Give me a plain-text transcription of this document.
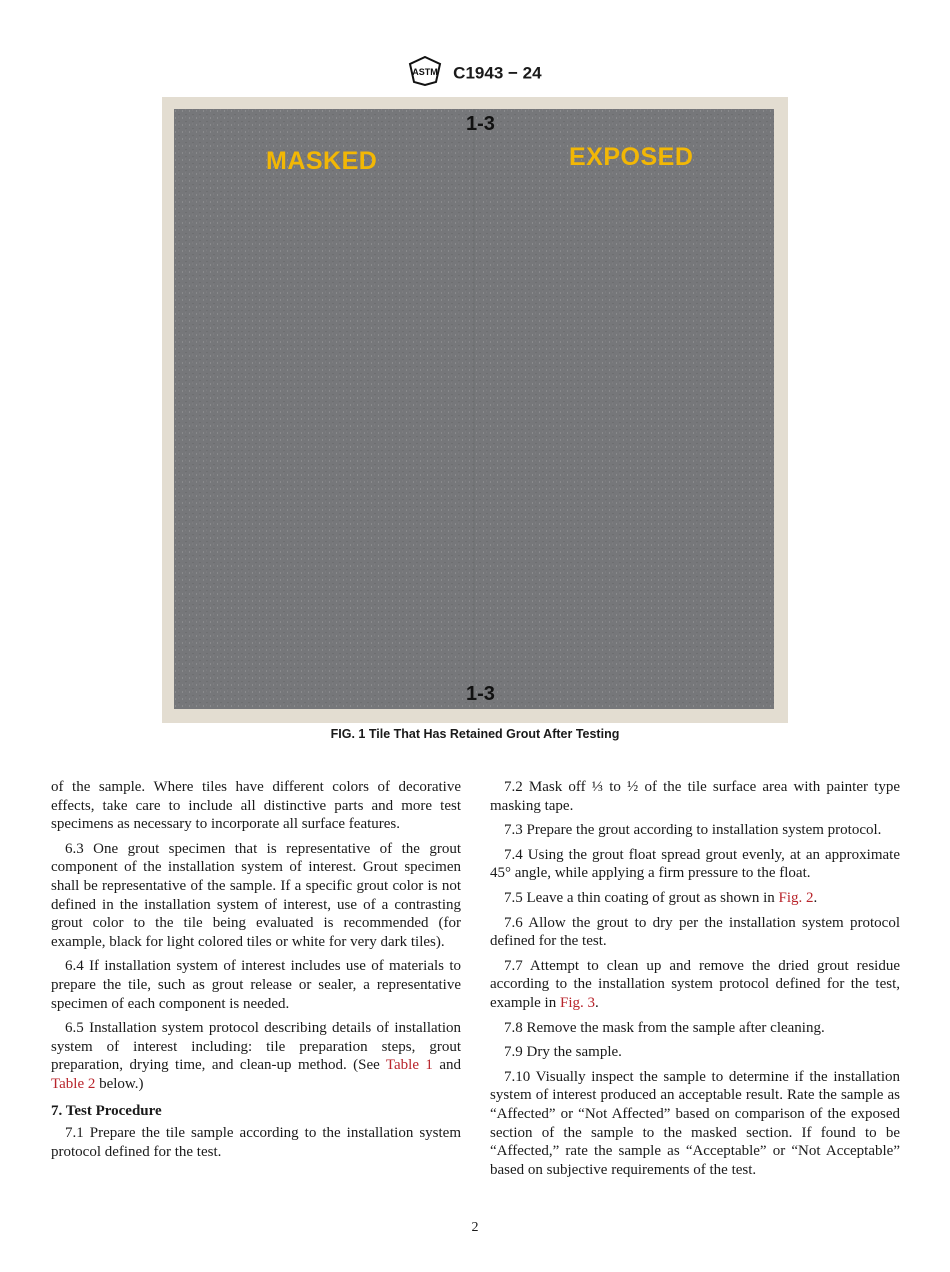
ASTM C1943 − 24
MASKED	EXPOSED
1-3
1-3
FIG. 1 Tile That Has Retained Grout After Testing

of the sample. Where tiles have different colors of decorative effects, take care to include all distinctive parts and more test specimens as necessary to incorporate all surface features.

6.3 One grout specimen that is representative of the grout component of the installation system of interest. Grout specimen shall be representative of the sample. If a specific grout color is not defined in the installation system of interest, use of a contrasting grout color to the tile being evaluated is recommended (for example, black for light colored tiles or white for very dark tiles).

6.4 If installation system of interest includes use of materials to prepare the tile, such as grout release or sealer, a representative specimen of each component is needed.

6.5 Installation system protocol describing details of installation system of interest including: tile preparation steps, grout preparation, drying time, and clean-up method. (See Table 1 and Table 2 below.)

7. Test Procedure

7.1 Prepare the tile sample according to the installation system protocol defined for the test.

7.2 Mask off ⅓ to ½ of the tile surface area with painter type masking tape.

7.3 Prepare the grout according to installation system protocol.

7.4 Using the grout float spread grout evenly, at an approximate 45° angle, while applying a firm pressure to the float.

7.5 Leave a thin coating of grout as shown in Fig. 2.

7.6 Allow the grout to dry per the installation system protocol defined for the test.

7.7 Attempt to clean up and remove the dried grout residue according to the installation system protocol defined for the test, example in Fig. 3.

7.8 Remove the mask from the sample after cleaning.

7.9 Dry the sample.

7.10 Visually inspect the sample to determine if the installation system of interest produced an acceptable result. Rate the sample as “Affected” or “Not Affected” based on comparison of the exposed section of the sample to the masked section. If found to be “Affected,” rate the sample as “Acceptable” or “Not Acceptable” based on subjective requirements of the test.

2
